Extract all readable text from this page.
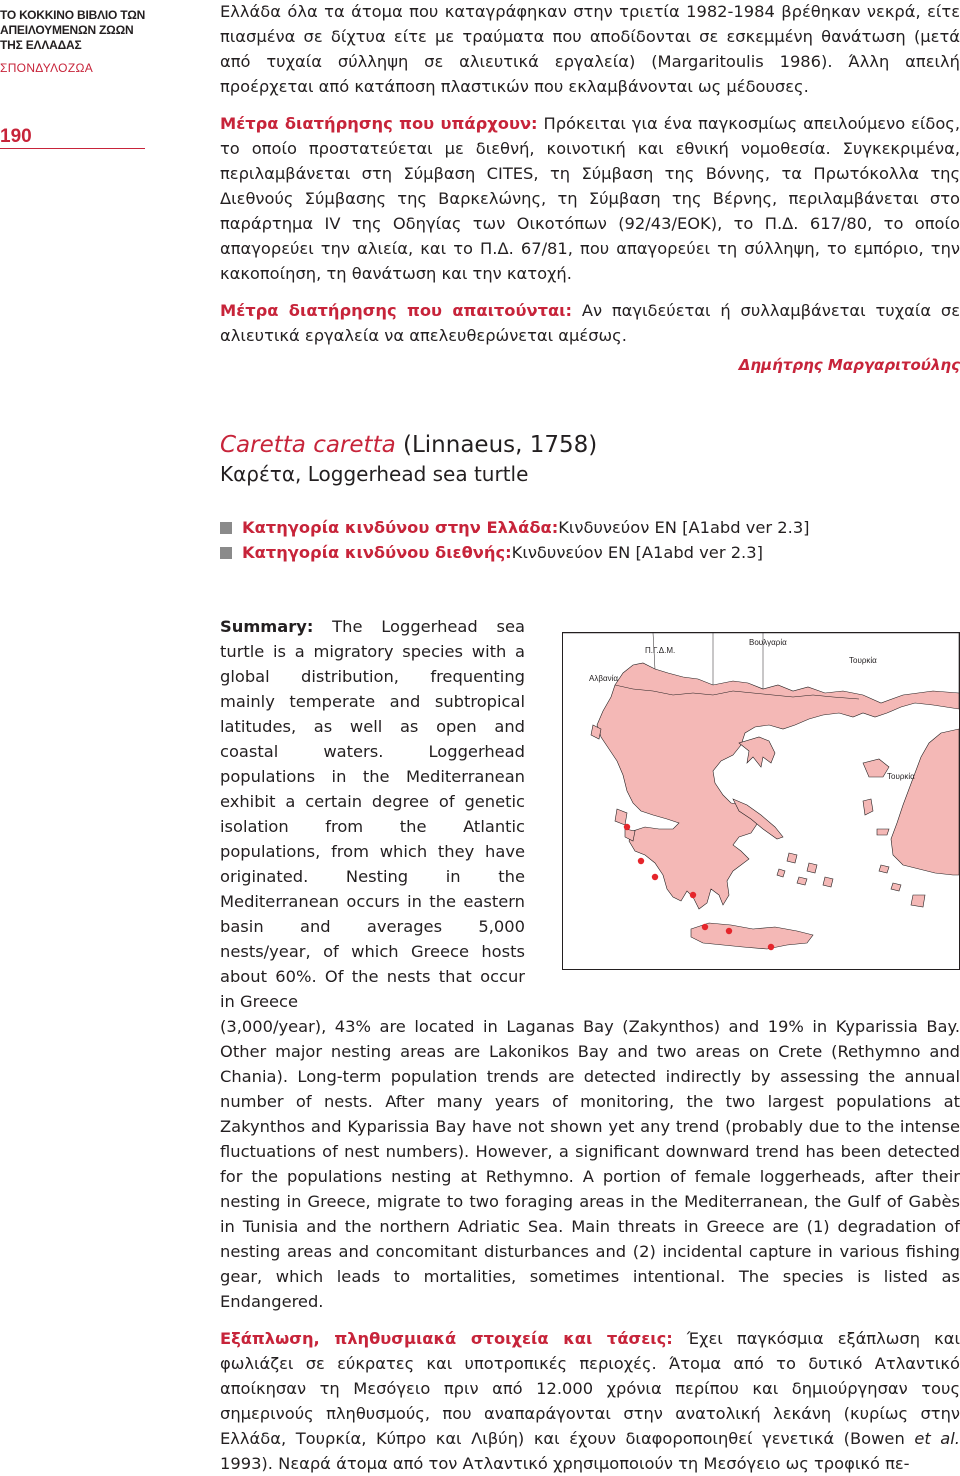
ΤΟ ΚΟΚΚΙΝΟ ΒΙΒΛΙΟ ΤΩΝ
ΑΠΕΙΛΟΥΜΕΝΩΝ ΖΩΩΝ
ΤΗΣ ΕΛΛΑΔΑΣ
ΣΠΟΝΔΥΛΟΖΩΑ
190

Ελλάδα όλα τα άτομα που καταγράφηκαν στην τριετία 1982-1984 βρέθηκαν νεκρά, είτε πιασμένα σε δίχτυα είτε με τραύματα που αποδίδονται σε εσκεμμένη θανάτωση (μετά από τυχαία σύλληψη σε αλιευτικά εργαλεία) (Margaritoulis 1986). Άλλη απειλή προέρχεται από κατάποση πλαστικών που εκλαμβάνονται ως μέδουσες.

Μέτρα διατήρησης που υπάρχουν: Πρόκειται για ένα παγκοσμίως απειλούμενο είδος, το οποίο προστατεύεται με διεθνή, κοινοτική και εθνική νομοθεσία. Συγκεκριμένα, περιλαμβάνεται στη Σύμβαση CITES, τη Σύμβαση της Βόννης, τα Πρωτόκολλα της Διεθνούς Σύμβασης της Βαρκελώνης, τη Σύμβαση της Βέρνης, περιλαμβάνεται στο παράρτημα IV της Οδηγίας των Οικοτόπων (92/43/ΕΟΚ), το Π.Δ. 617/80, το οποίο απαγορεύει την αλιεία, και το Π.Δ. 67/81, που απαγορεύει τη σύλληψη, το εμπόριο, την κακοποίηση, τη θανάτωση και την κατοχή.

Μέτρα διατήρησης που απαιτούνται: Αν παγιδεύεται ή συλλαμβάνεται τυχαία σε αλιευτικά εργαλεία να απελευθερώνεται αμέσως.

Δημήτρης Μαργαριτούλης
Caretta caretta (Linnaeus, 1758)
Καρέτα, Loggerhead sea turtle
Κατηγορία κινδύνου στην Ελλάδα: Κινδυνεύον EN [A1abd ver 2.3]
Κατηγορία κινδύνου διεθνής: Κινδυνεύον EN [A1abd ver 2.3]

Summary: The Loggerhead sea turtle is a migratory species with a global distribution, frequenting mainly temperate and subtropical latitudes, as well as open and coastal waters. Loggerhead populations in the Mediterranean exhibit a certain degree of genetic isolation from the Atlantic populations, from which they have originated. Nesting in the Mediterranean occurs in the eastern basin and averages 5,000 nests/year, of which Greece hosts about 60%. Of the nests that occur in Greece

(3,000/year), 43% are located in Laganas Bay (Zakynthos) and 19% in Kyparissia Bay. Other major nesting areas are Lakonikos Bay and two areas on Crete (Rethymno and Chania). Long-term population trends are detected indirectly by assessing the annual number of nests. After many years of monitoring, the two largest populations at Zakynthos and Kyparissia Bay have not shown yet any trend (probably due to the intense fluctuations of nest numbers). However, a significant downward trend has been detected for the populations nesting at Rethymno. A portion of female loggerheads, after their nesting in Greece, migrate to two foraging areas in the Mediterranean, the Gulf of Gabès in Tunisia and the northern Adriatic Sea. Main threats in Greece are (1) degradation of nesting areas and concomitant disturbances and (2) incidental capture in various fishing gear, which leads to mortalities, sometimes intentional. The species is listed as Endangered.

Εξάπλωση, πληθυσμιακά στοιχεία και τάσεις: Έχει παγκόσμια εξάπλωση και φωλιάζει σε εύκρατες και υποτροπικές περιοχές. Άτομα από το δυτικό Ατλαντικό αποίκησαν τη Μεσόγειο πριν από 12.000 χρόνια περίπου και δημιούργησαν τους σημερινούς πληθυσμούς, που αναπαράγονται στην ανατολική λεκάνη (κυρίως στην Ελλάδα, Τουρκία, Κύπρο και Λιβύη) και έχουν διαφοροποιηθεί γενετικά (Bowen et al. 1993). Νεαρά άτομα από τον Ατλαντικό χρησιμοποιούν τη Μεσόγειο ως τροφικό πε-

Αλβανία
Π.Γ.Δ.Μ.
Βουλγαρία
Τουρκία
Τουρκία
